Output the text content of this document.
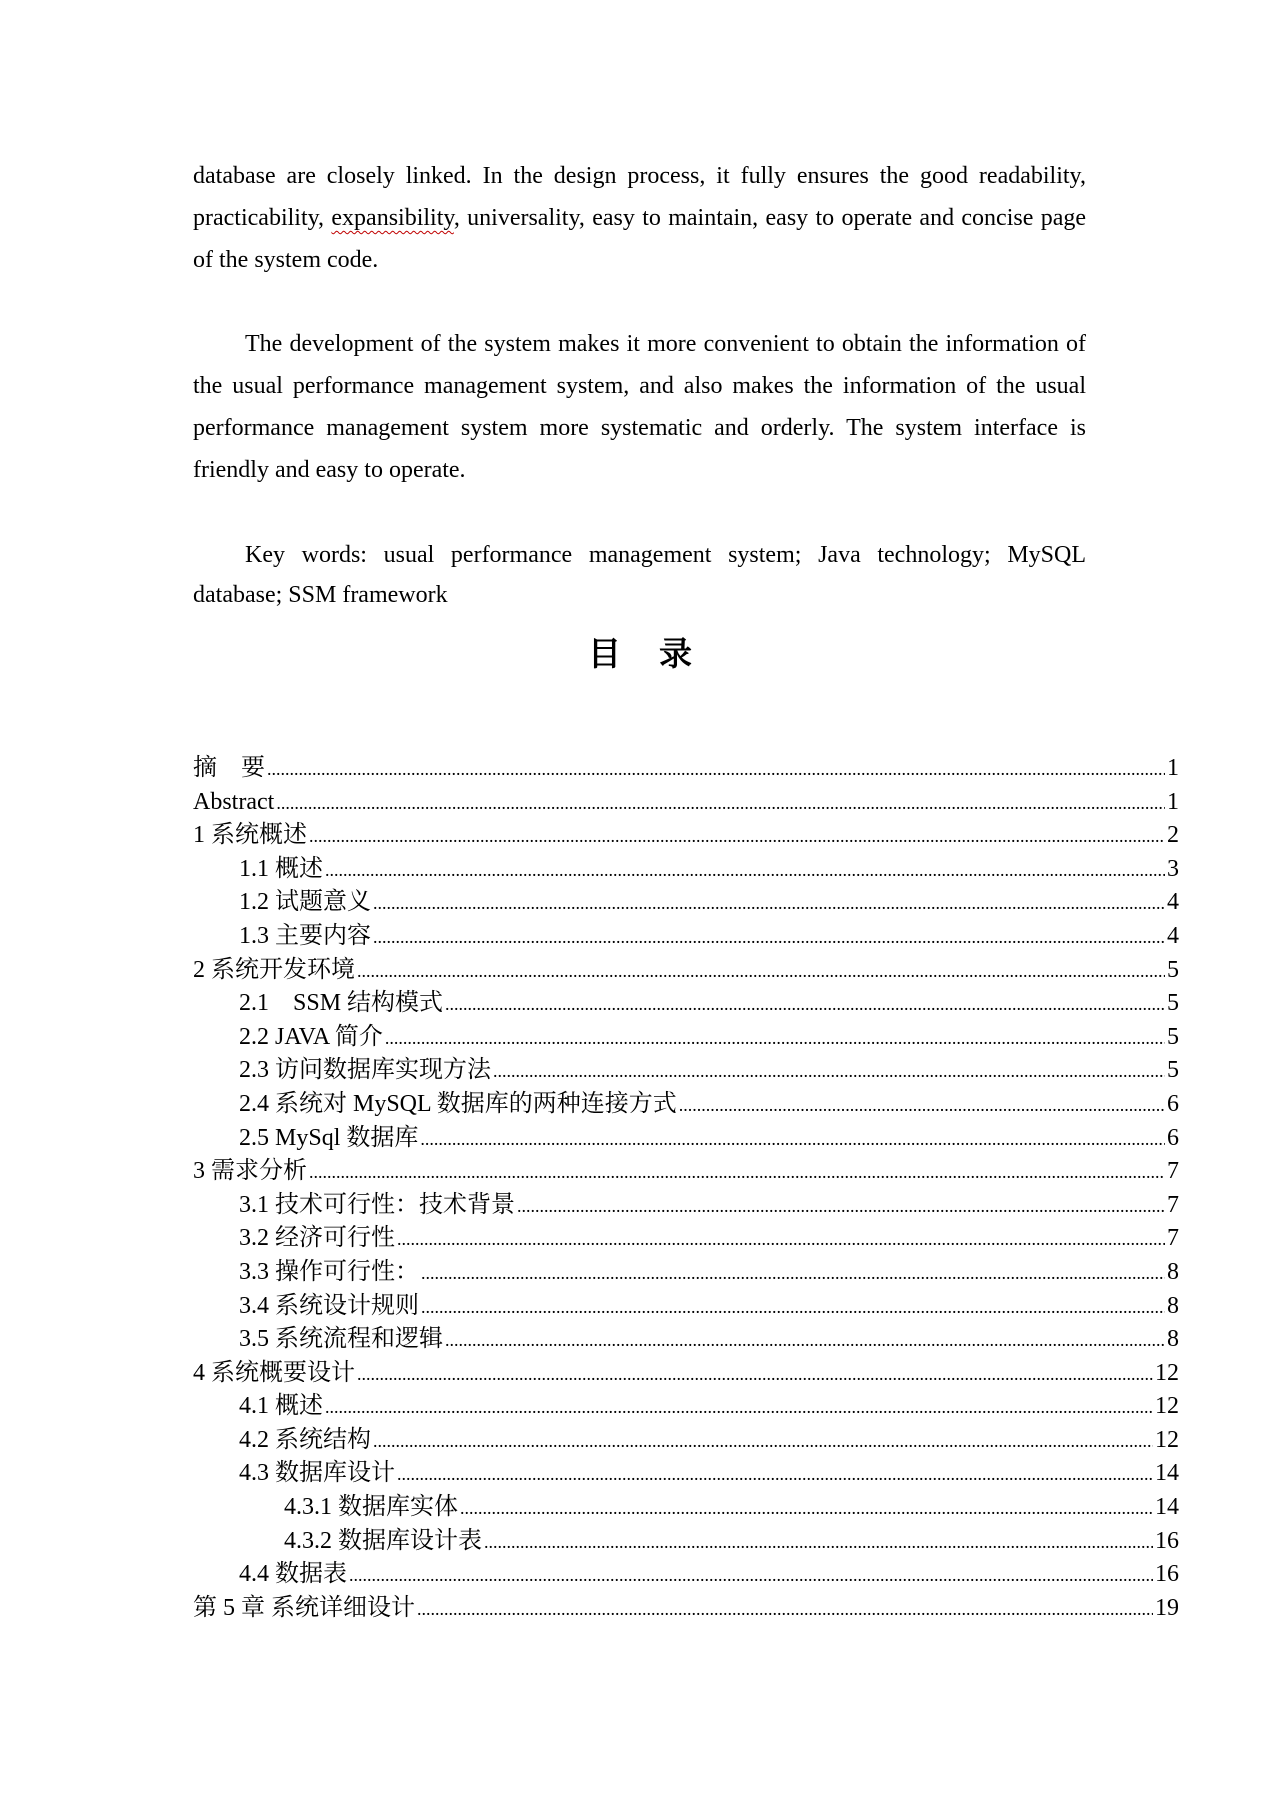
database are closely linked. In the design process, it fully ensures the good readability, practicability, expansibility, universality, easy to maintain, easy to operate and concise page of the system code.
The development of the system makes it more convenient to obtain the information of the usual performance management system, and also makes the information of the usual performance management system more systematic and orderly. The system interface is friendly and easy to operate.
Key words: usual performance management system; Java technology; MySQL database; SSM framework
目录
摘　要 .....	1
Abstract .....	1
1 系统概述 .....	2
1.1 概述 .....	3
1.2 试题意义 .....	4
1.3 主要内容 .....	4
2 系统开发环境 .....	5
2.1　SSM 结构模式 .....	5
2.2 JAVA 简介 .....	5
2.3 访问数据库实现方法 .....	5
2.4 系统对 MySQL 数据库的两种连接方式 .....	6
2.5 MySql 数据库 .....	6
3 需求分析 .....	7
3.1 技术可行性：技术背景 .....	7
3.2 经济可行性 .....	7
3.3 操作可行性： .....	8
3.4 系统设计规则 .....	8
3.5 系统流程和逻辑 .....	8
4 系统概要设计 .....	12
4.1 概述 .....	12
4.2 系统结构 .....	12
4.3 数据库设计 .....	14
4.3.1 数据库实体 .....	14
4.3.2 数据库设计表 .....	16
4.4 数据表 .....	16
第 5 章 系统详细设计 .....	19
